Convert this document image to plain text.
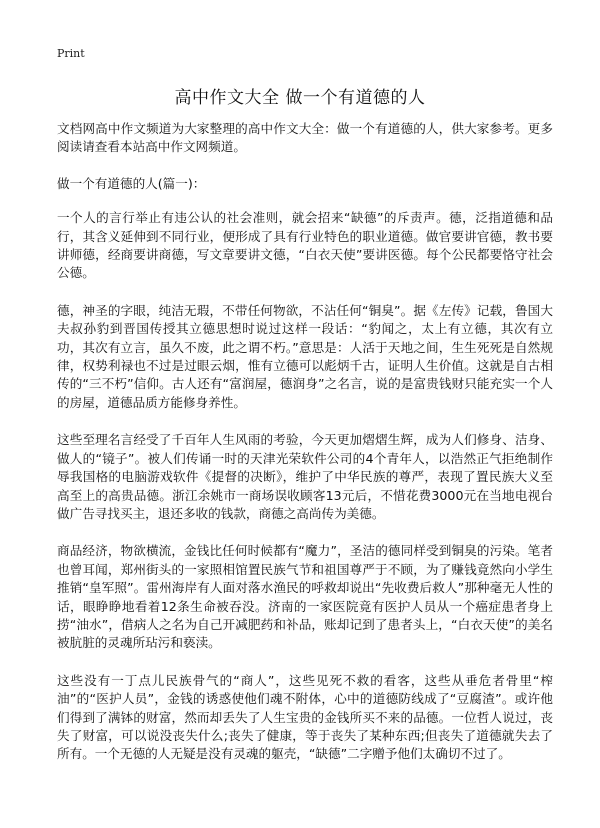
Print
高中作文大全 做一个有道德的人

文档网高中作文频道为大家整理的高中作文大全：做一个有道德的人，供大家参考。更多阅读请查看本站高中作文网频道。

做一个有道德的人(篇一)：

一个人的言行举止有违公认的社会准则，就会招来“缺德”的斥责声。德，泛指道德和品行，其含义延伸到不同行业，便形成了具有行业特色的职业道德。做官要讲官德，教书要讲师德，经商要讲商德，写文章要讲文德，“白衣天使”要讲医德。每个公民都要恪守社会公德。

德，神圣的字眼，纯洁无瑕，不带任何物欲，不沾任何“铜臭”。据《左传》记载，鲁国大夫叔孙豹到晋国传授其立德思想时说过这样一段话：“豹闻之，太上有立德，其次有立功，其次有立言，虽久不废，此之谓不朽。”意思是：人活于天地之间，生生死死是自然规律，权势利禄也不过是过眼云烟，惟有立德可以彪炳千古，证明人生价值。这就是自古相传的“三不朽”信仰。古人还有“富润屋，德润身”之名言，说的是富贵钱财只能充实一个人的房屋，道德品质方能修身养性。

这些至理名言经受了千百年人生风雨的考验，今天更加熠熠生辉，成为人们修身、洁身、做人的“镜子”。被人们传诵一时的天津光荣软件公司的4个青年人，以浩然正气拒绝制作辱我国格的电脑游戏软件《提督的决断》，维护了中华民族的尊严，表现了置民族大义至高至上的高贵品德。浙江余姚市一商场误收顾客13元后，不惜花费3000元在当地电视台做广告寻找买主，退还多收的钱款，商德之高尚传为美德。

商品经济，物欲横流，金钱比任何时候都有“魔力”，圣洁的德同样受到铜臭的污染。笔者也曾耳闻，郑州街头的一家照相馆置民族气节和祖国尊严于不顾，为了赚钱竟然向小学生推销“皇军照”。雷州海岸有人面对落水渔民的呼救却说出“先收费后救人”那种毫无人性的话，眼睁睁地看着12条生命被吞没。济南的一家医院竟有医护人员从一个癌症患者身上捞“油水”，借病人之名为自己开减肥药和补品，账却记到了患者头上，“白衣天使”的美名被肮脏的灵魂所玷污和亵渎。

这些没有一丁点儿民族骨气的“商人”，这些见死不救的看客，这些从垂危者骨里“榨油”的“医护人员”，金钱的诱惑使他们魂不附体，心中的道德防线成了“豆腐渣”。或许他们得到了满钵的财富，然而却丢失了人生宝贵的金钱所买不来的品德。一位哲人说过，丧失了财富，可以说没丧失什么;丧失了健康，等于丧失了某种东西;但丧失了道德就失去了所有。一个无德的人无疑是没有灵魂的躯壳，“缺德”二字赠予他们太确切不过了。
